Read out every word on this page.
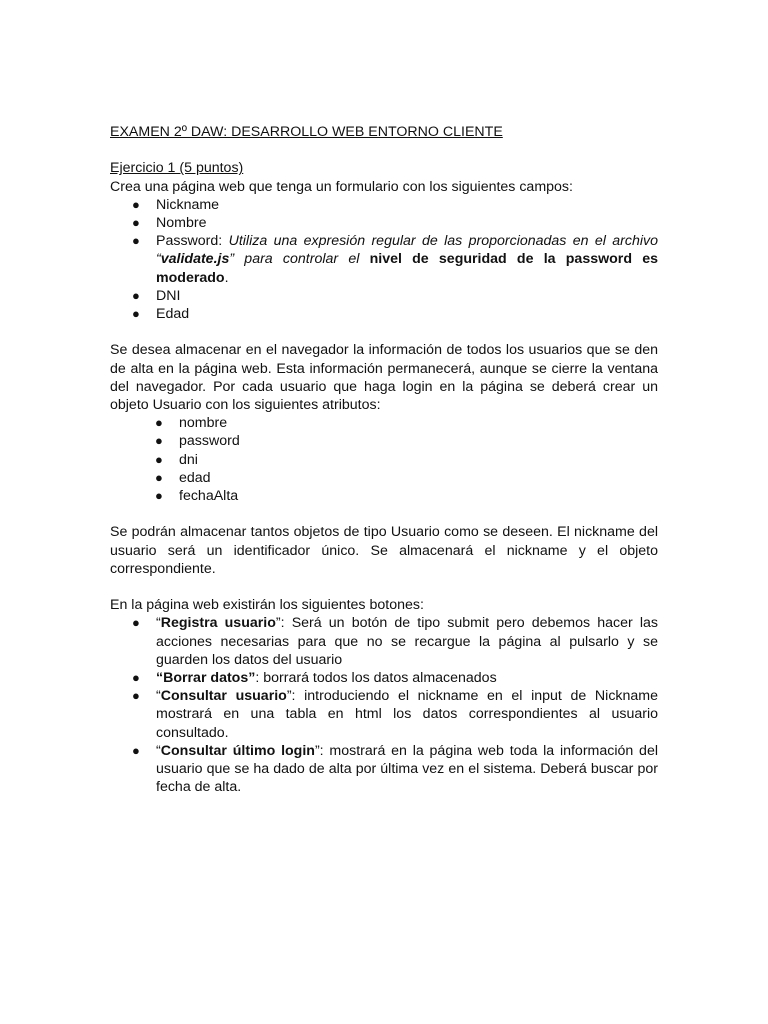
EXAMEN 2º DAW: DESARROLLO WEB ENTORNO CLIENTE

Ejercicio 1 (5 puntos)

Crea una página web que tenga un formulario con los siguientes campos:

● Nickname
● Nombre
● Password: Utiliza una expresión regular de las proporcionadas en el archivo “validate.js” para controlar el nivel de seguridad de la password es moderado.
● DNI
● Edad

Se desea almacenar en el navegador la información de todos los usuarios que se den de alta en la página web. Esta información permanecerá, aunque se cierre la ventana del navegador. Por cada usuario que haga login en la página se deberá crear un objeto Usuario con los siguientes atributos:

● nombre
● password
● dni
● edad
● fechaAlta

Se podrán almacenar tantos objetos de tipo Usuario como se deseen. El nickname del usuario será un identificador único. Se almacenará el nickname y el objeto correspondiente.

En la página web existirán los siguientes botones:

● “Registra usuario”: Será un botón de tipo submit pero debemos hacer las acciones necesarias para que no se recargue la página al pulsarlo y se guarden los datos del usuario
● “Borrar datos”: borrará todos los datos almacenados
● “Consultar usuario”: introduciendo el nickname en el input de Nickname mostrará en una tabla en html los datos correspondientes al usuario consultado.
● “Consultar último login”: mostrará en la página web toda la información del usuario que se ha dado de alta por última vez en el sistema. Deberá buscar por fecha de alta.
